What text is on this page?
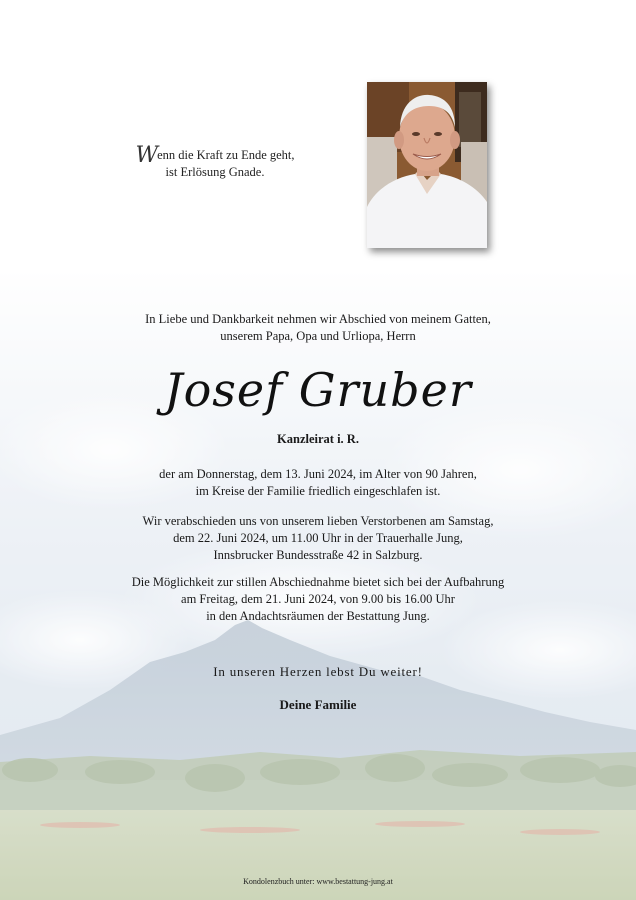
Wenn die Kraft zu Ende geht,
ist Erlösung Gnade.
In Liebe und Dankbarkeit nehmen wir Abschied von meinem Gatten,
unserem Papa, Opa und Urliopa, Herrn
Josef Gruber
Kanzleirat i. R.
der am Donnerstag, dem 13. Juni 2024, im Alter von 90 Jahren,
im Kreise der Familie friedlich eingeschlafen ist.
Wir verabschieden uns von unserem lieben Verstorbenen am Samstag,
dem 22. Juni 2024, um 11.00 Uhr in der Trauerhalle Jung,
Innsbrucker Bundesstraße 42 in Salzburg.
Die Möglichkeit zur stillen Abschiednahme bietet sich bei der Aufbahrung
am Freitag, dem 21. Juni 2024, von 9.00 bis 16.00 Uhr
in den Andachtsräumen der Bestattung Jung.
In unseren Herzen lebst Du weiter!
Deine Familie
Kondolenzbuch unter: www.bestattung-jung.at
